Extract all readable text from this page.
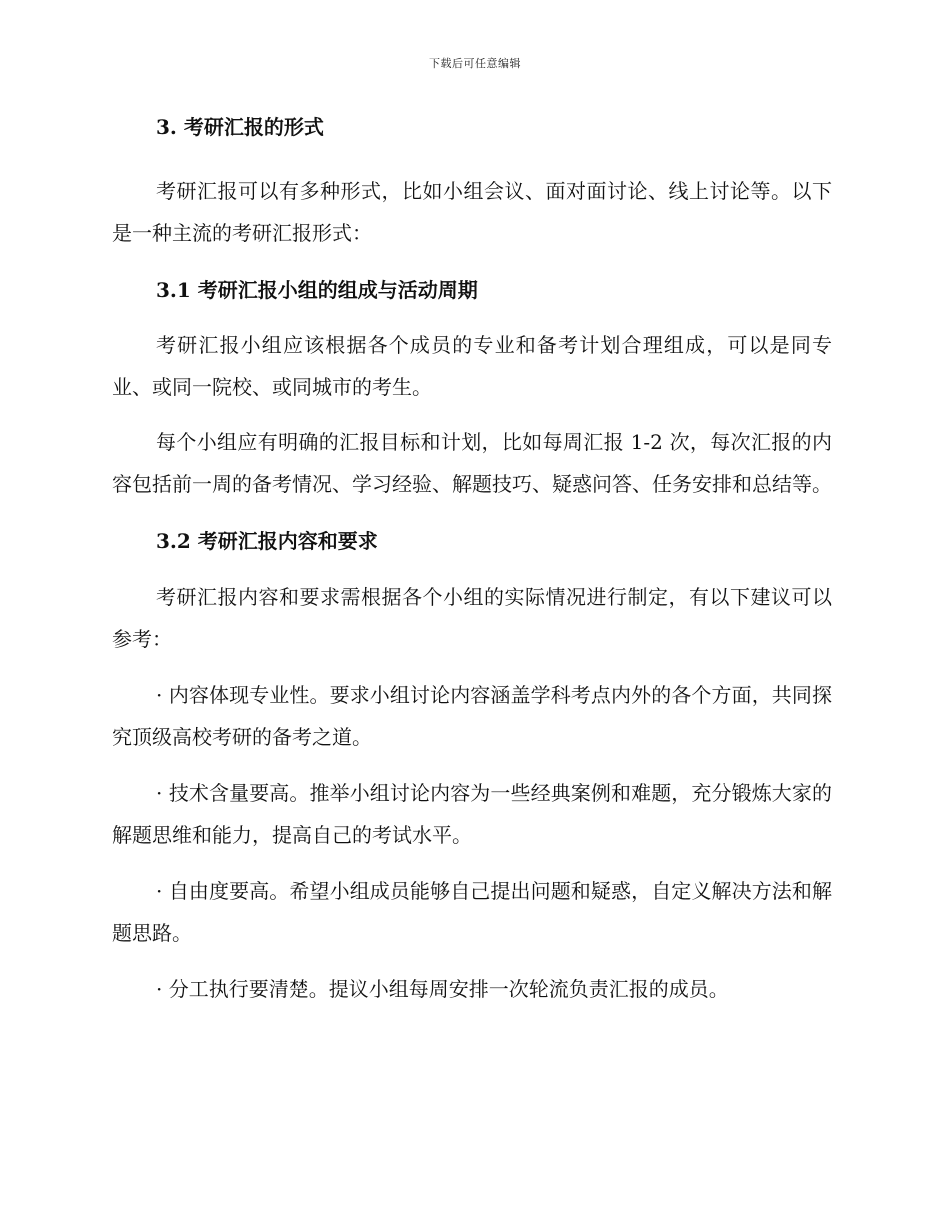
下载后可任意编辑

3. 考研汇报的形式

考研汇报可以有多种形式，比如小组会议、面对面讨论、线上讨论等。以下是一种主流的考研汇报形式：

3.1 考研汇报小组的组成与活动周期

考研汇报小组应该根据各个成员的专业和备考计划合理组成，可以是同专业、或同一院校、或同城市的考生。

每个小组应有明确的汇报目标和计划，比如每周汇报 1-2 次，每次汇报的内容包括前一周的备考情况、学习经验、解题技巧、疑惑问答、任务安排和总结等。

3.2 考研汇报内容和要求

考研汇报内容和要求需根据各个小组的实际情况进行制定，有以下建议可以参考：

· 内容体现专业性。要求小组讨论内容涵盖学科考点内外的各个方面，共同探究顶级高校考研的备考之道。

· 技术含量要高。推举小组讨论内容为一些经典案例和难题，充分锻炼大家的解题思维和能力，提高自己的考试水平。

· 自由度要高。希望小组成员能够自己提出问题和疑惑，自定义解决方法和解题思路。

· 分工执行要清楚。提议小组每周安排一次轮流负责汇报的成员。
